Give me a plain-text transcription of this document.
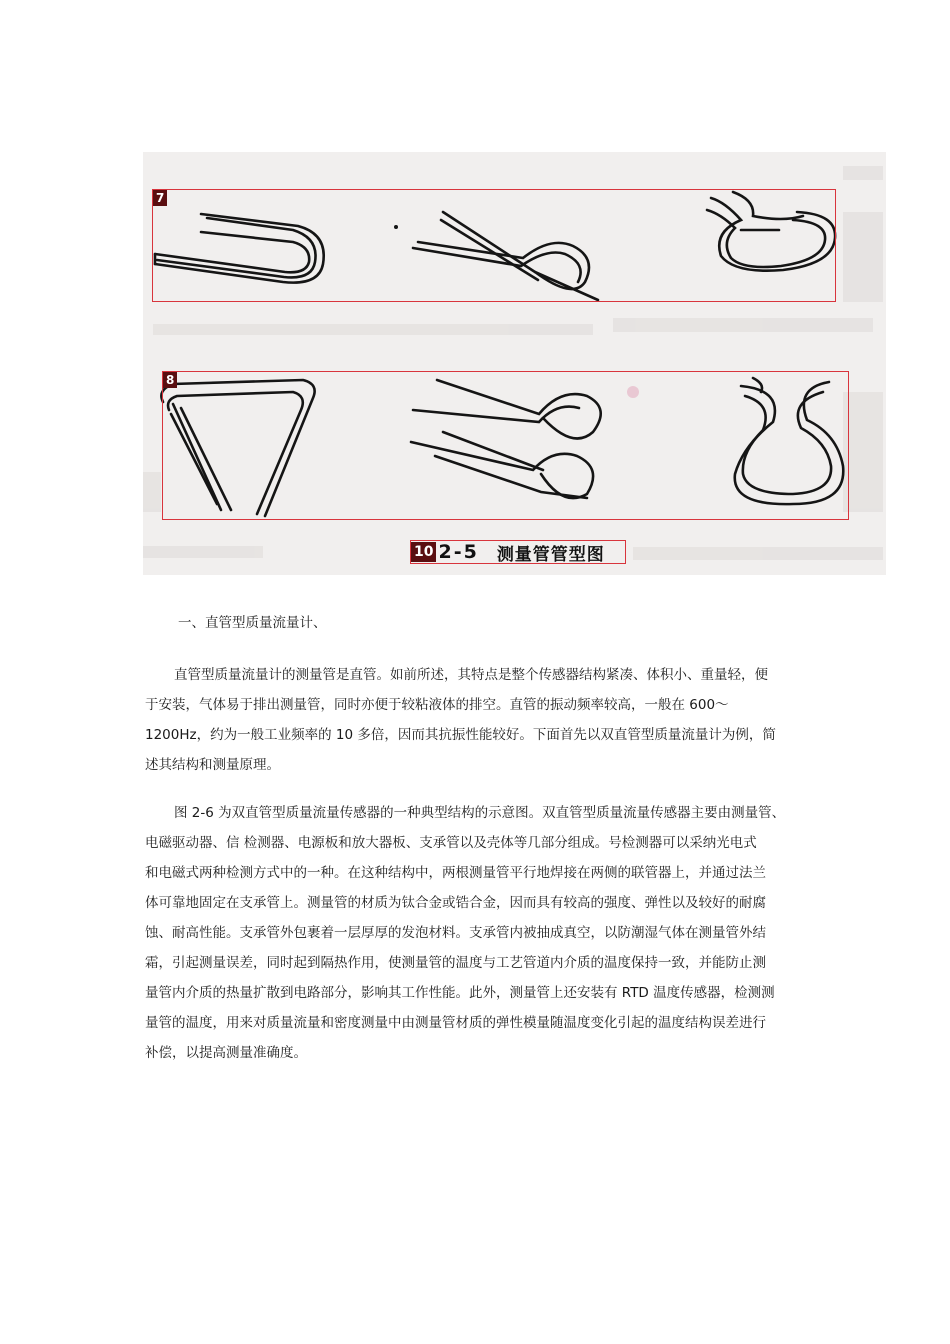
7
8
10 2-5 测量管管型图
一、直管型质量流量计、

直管型质量流量计的测量管是直管。如前所述，其特点是整个传感器结构紧凑、体积小、重量轻，便

于安装，气体易于排出测量管，同时亦便于较粘液体的排空。直管的振动频率较高，一般在 600～

1200Hz，约为一般工业频率的 10 多倍，因而其抗振性能较好。下面首先以双直管型质量流量计为例，简

述其结构和测量原理。

图 2-6 为双直管型质量流量传感器的一种典型结构的示意图。双直管型质量流量传感器主要由测量管、

电磁驱动器、信 检测器、电源板和放大器板、支承管以及壳体等几部分组成。号检测器可以采纳光电式

和电磁式两种检测方式中的一种。在这种结构中，两根测量管平行地焊接在两侧的联管器上，并通过法兰

体可靠地固定在支承管上。测量管的材质为钛合金或锆合金，因而具有较高的强度、弹性以及较好的耐腐

蚀、耐高性能。支承管外包裹着一层厚厚的发泡材料。支承管内被抽成真空，以防潮湿气体在测量管外结

霜，引起测量误差，同时起到隔热作用，使测量管的温度与工艺管道内介质的温度保持一致，并能防止测

量管内介质的热量扩散到电路部分，影响其工作性能。此外，测量管上还安装有 RTD 温度传感器，检测测

量管的温度，用来对质量流量和密度测量中由测量管材质的弹性模量随温度变化引起的温度结构误差进行

补偿，以提高测量准确度。
